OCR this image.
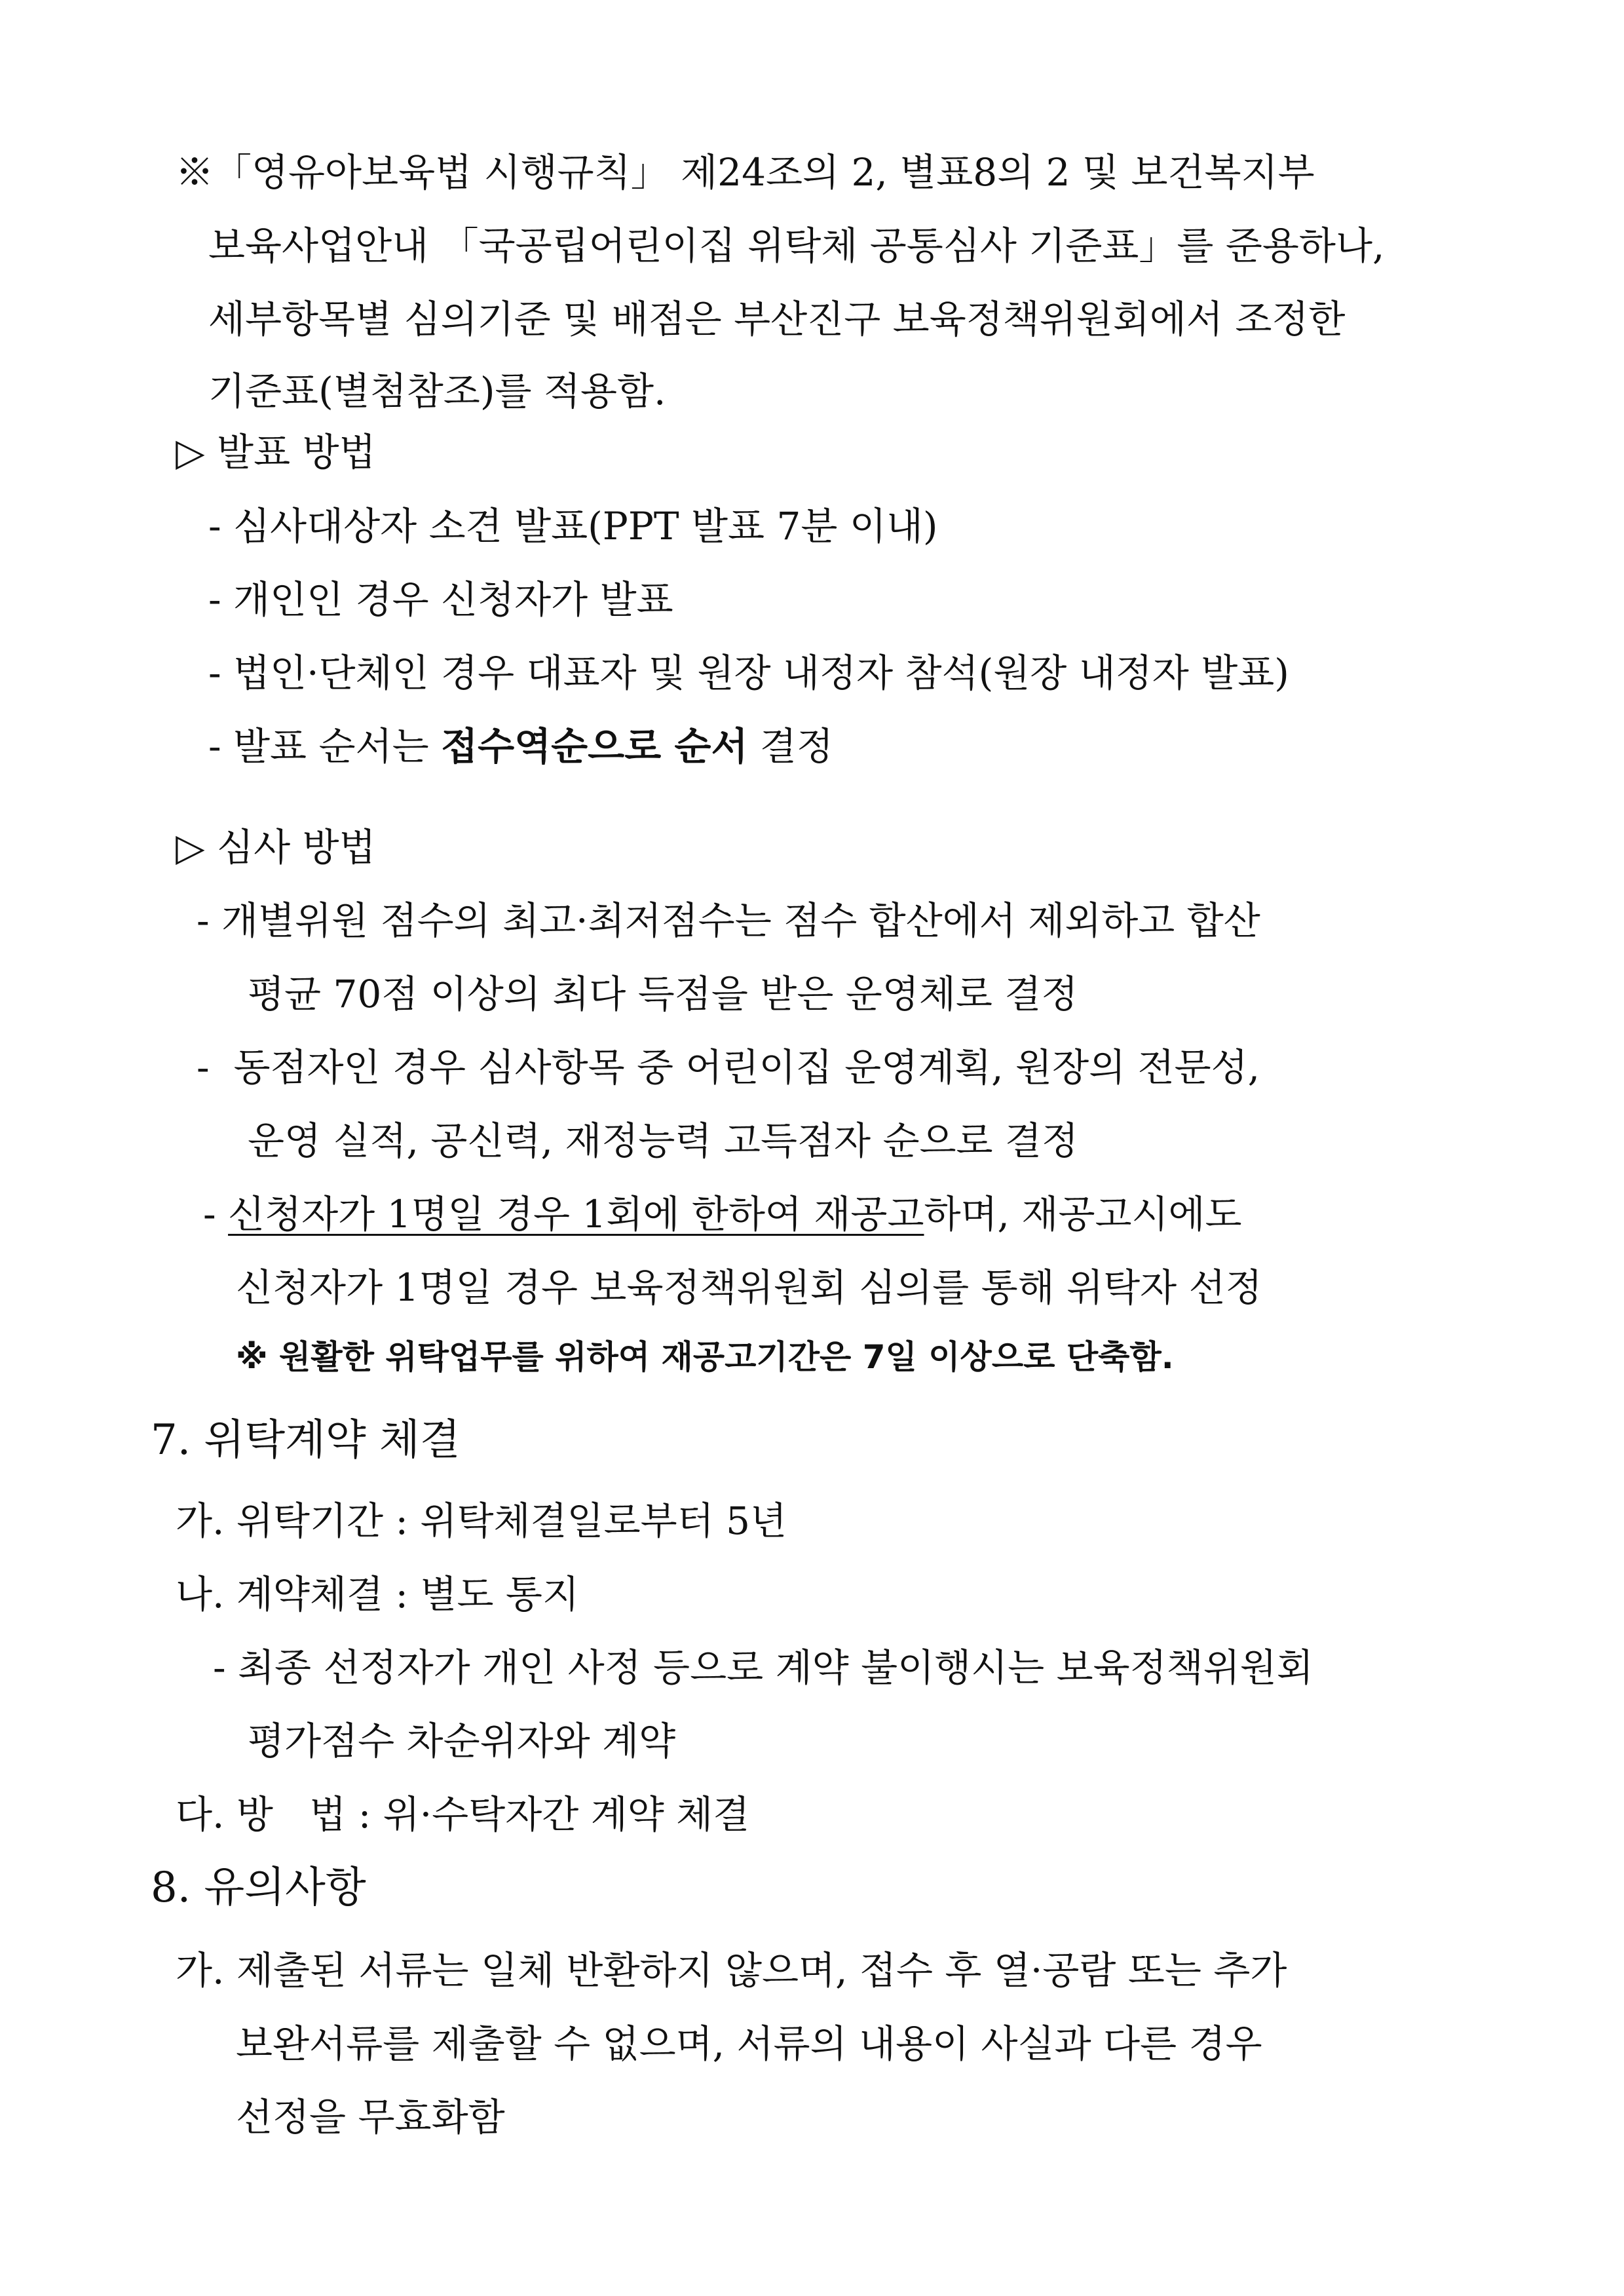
※「영유아보육법 시행규칙」 제24조의 2, 별표8의 2 및 보건복지부
보육사업안내 「국공립어린이집 위탁체 공통심사 기준표」를 준용하나,
세부항목별 심의기준 및 배점은 부산진구 보육정책위원회에서 조정한
기준표(별첨참조)를 적용함.
▷ 발표 방법
- 심사대상자 소견 발표(PPT 발표 7분 이내)
- 개인인 경우 신청자가 발표
- 법인·단체인 경우 대표자 및 원장 내정자 참석(원장 내정자 발표)
- 발표 순서는 접수역순으로 순서 결정
▷ 심사 방법
- 개별위원 점수의 최고·최저점수는 점수 합산에서 제외하고 합산
평균 70점 이상의 최다 득점을 받은 운영체로 결정
-  동점자인 경우 심사항목 중 어린이집 운영계획, 원장의 전문성,
운영 실적, 공신력, 재정능력 고득점자 순으로 결정
- 신청자가 1명일 경우 1회에 한하여 재공고하며, 재공고시에도
신청자가 1명일 경우 보육정책위원회 심의를 통해 위탁자 선정
※ 원활한 위탁업무를 위하여 재공고기간은 7일 이상으로 단축함.
7. 위탁계약 체결
가. 위탁기간 : 위탁체결일로부터 5년
나. 계약체결 : 별도 통지
- 최종 선정자가 개인 사정 등으로 계약 불이행시는 보육정책위원회
평가점수 차순위자와 계약
다. 방   법 : 위·수탁자간 계약 체결
8. 유의사항
가. 제출된 서류는 일체 반환하지 않으며, 접수 후 열·공람 또는 추가
보완서류를 제출할 수 없으며, 서류의 내용이 사실과 다른 경우
선정을 무효화함
